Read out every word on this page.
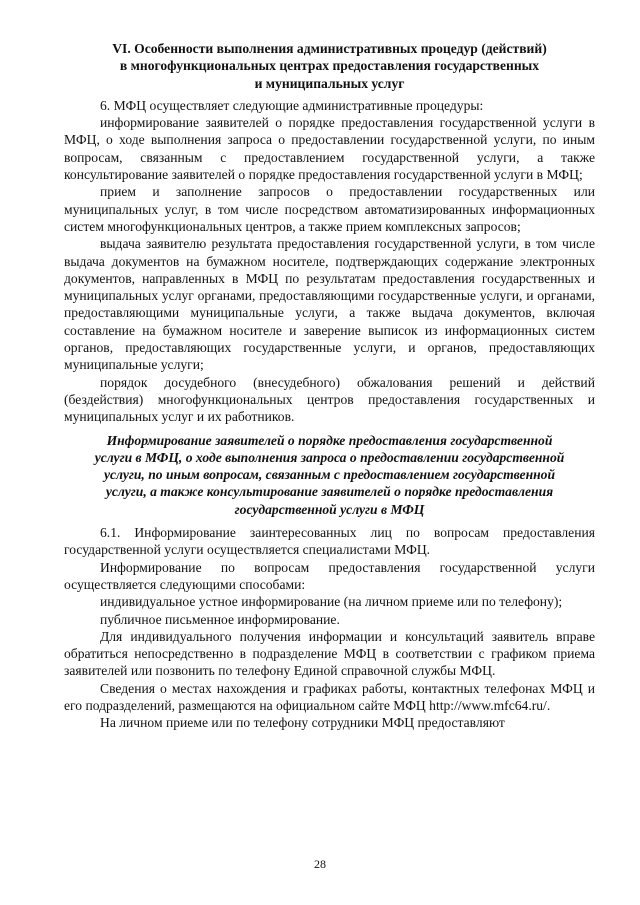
VI. Особенности выполнения административных процедур (действий)
в многофункциональных центрах предоставления государственных
и муниципальных услуг

6. МФЦ осуществляет следующие административные процедуры:

информирование заявителей о порядке предоставления государственной услуги в МФЦ, о ходе выполнения запроса о предоставлении государственной услуги, по иным вопросам, связанным с предоставлением государственной услуги, а также консультирование заявителей о порядке предоставления государственной услуги в МФЦ;

прием и заполнение запросов о предоставлении государственных или муниципальных услуг, в том числе посредством автоматизированных информационных систем многофункциональных центров, а также прием комплексных запросов;

выдача заявителю результата предоставления государственной услуги, в том числе выдача документов на бумажном носителе, подтверждающих содержание электронных документов, направленных в МФЦ по результатам предоставления государственных и муниципальных услуг органами, предоставляющими государственные услуги, и органами, предоставляющими муниципальные услуги, а также выдача документов, включая составление на бумажном носителе и заверение выписок из информационных систем органов, предоставляющих государственные услуги, и органов, предоставляющих муниципальные услуги;

порядок досудебного (внесудебного) обжалования решений и действий (бездействия) многофункциональных центров предоставления государственных и муниципальных услуг и их работников.

Информирование заявителей о порядке предоставления государственной
услуги в МФЦ, о ходе выполнения запроса о предоставлении государственной
услуги, по иным вопросам, связанным с предоставлением государственной
услуги, а также консультирование заявителей о порядке предоставления
государственной услуги в МФЦ

6.1. Информирование заинтересованных лиц по вопросам предоставления государственной услуги осуществляется специалистами МФЦ.

Информирование по вопросам предоставления государственной услуги осуществляется следующими способами:

индивидуальное устное информирование (на личном приеме или по телефону);

публичное письменное информирование.

Для индивидуального получения информации и консультаций заявитель вправе обратиться непосредственно в подразделение МФЦ в соответствии с графиком приема заявителей или позвонить по телефону Единой справочной службы МФЦ.

Сведения о местах нахождения и графиках работы, контактных телефонах МФЦ и его подразделений, размещаются на официальном сайте МФЦ http://www.mfc64.ru/.

На личном приеме или по телефону сотрудники МФЦ предоставляют

28
